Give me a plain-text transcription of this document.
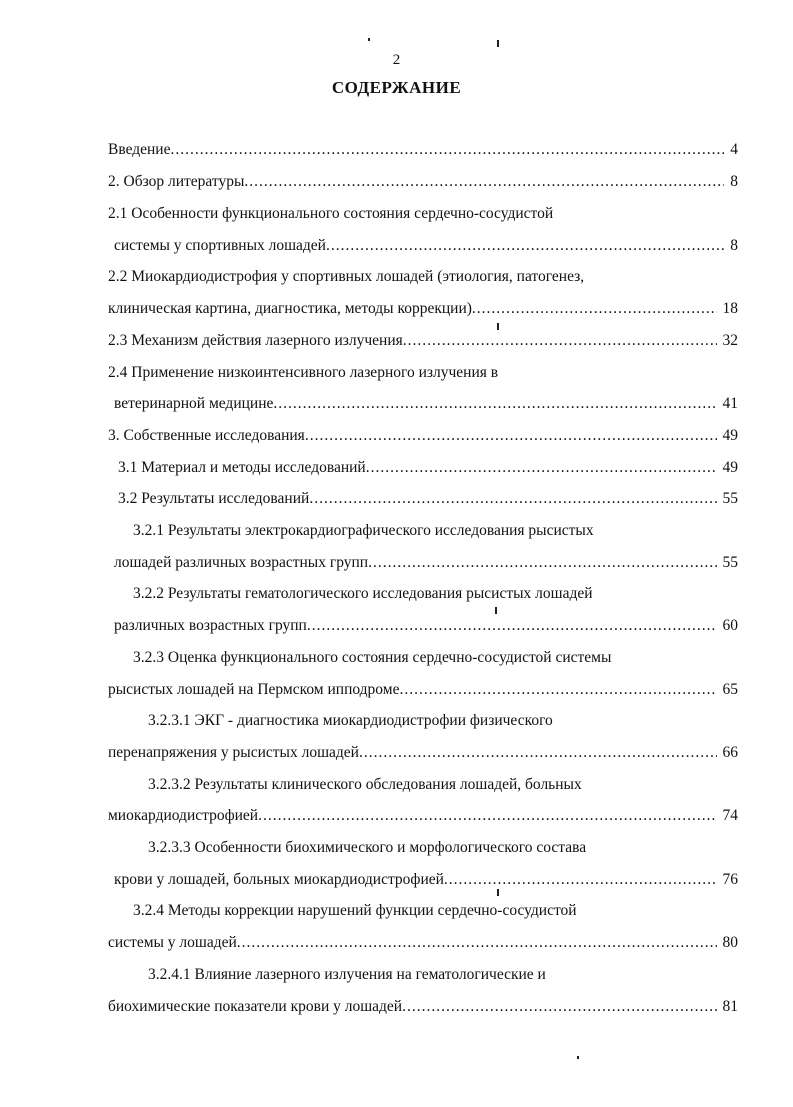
2
СОДЕРЖАНИЕ
Введение .....	4
2. Обзор литературы .....	8
2.1 Особенности функционального состояния сердечно-сосудистой
системы у спортивных лошадей .....	8
2.2 Миокардиодистрофия у спортивных лошадей (этиология, патогенез,
клиническая картина, диагностика, методы коррекции) .....	18
2.3 Механизм действия лазерного излучения .....	32
2.4 Применение низкоинтенсивного лазерного излучения в
ветеринарной медицине .....	41
3. Собственные исследования .....	49
3.1 Материал и методы исследований .....	49
3.2 Результаты исследований .....	55
3.2.1 Результаты электрокардиографического исследования рысистых
лошадей различных возрастных групп .....	55
3.2.2 Результаты гематологического исследования рысистых лошадей
различных возрастных групп .....	60
3.2.3 Оценка функционального состояния сердечно-сосудистой системы
рысистых лошадей на Пермском ипподроме .....	65
3.2.3.1 ЭКГ - диагностика миокардиодистрофии физического
перенапряжения у рысистых лошадей .....	66
3.2.3.2 Результаты клинического обследования лошадей, больных
миокардиодистрофией .....	74
3.2.3.3 Особенности биохимического и морфологического состава
крови у лошадей, больных миокардиодистрофией .....	76
3.2.4 Методы коррекции нарушений функции сердечно-сосудистой
системы у лошадей .....	80
3.2.4.1 Влияние лазерного излучения на гематологические и
биохимические показатели крови у лошадей .....	81
